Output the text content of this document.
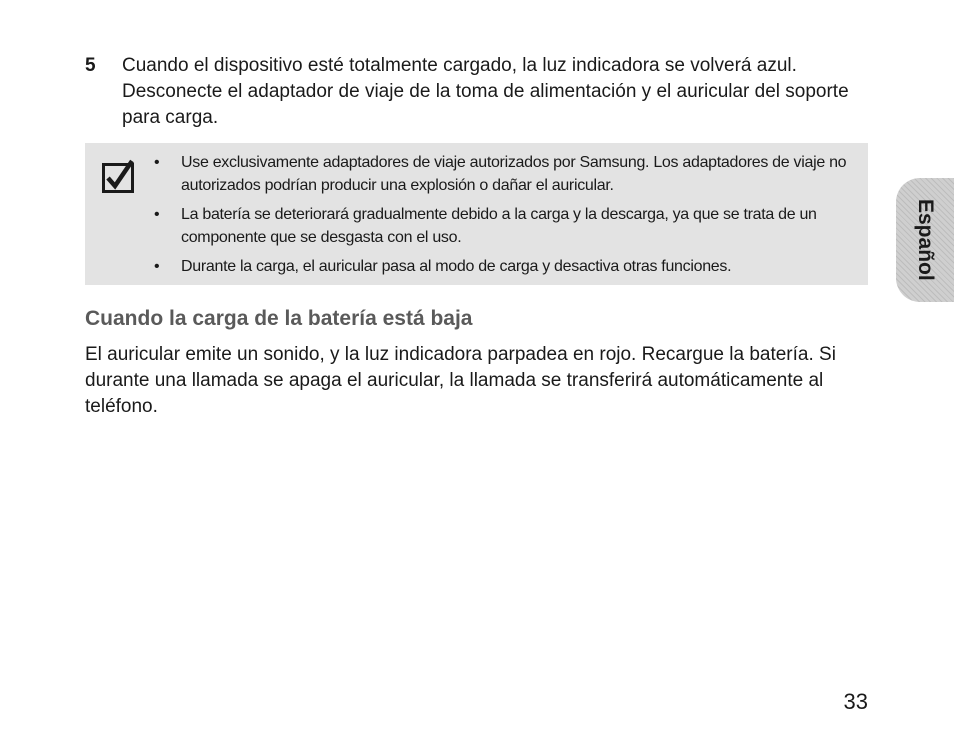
5	Cuando el dispositivo esté totalmente cargado, la luz indicadora se volverá azul. Desconecte el adaptador de viaje de la toma de alimentación y el auricular del soporte para carga.
• Use exclusivamente adaptadores de viaje autorizados por Samsung. Los adaptadores de viaje no autorizados podrían producir una explosión o dañar el auricular.
• La batería se deteriorará gradualmente debido a la carga y la descarga, ya que se trata de un componente que se desgasta con el uso.
• Durante la carga, el auricular pasa al modo de carga y desactiva otras funciones.
Cuando la carga de la batería está baja

El auricular emite un sonido, y la luz indicadora parpadea en rojo. Recargue la batería. Si durante una llamada se apaga el auricular, la llamada se transferirá automáticamente al teléfono.

Español
33
